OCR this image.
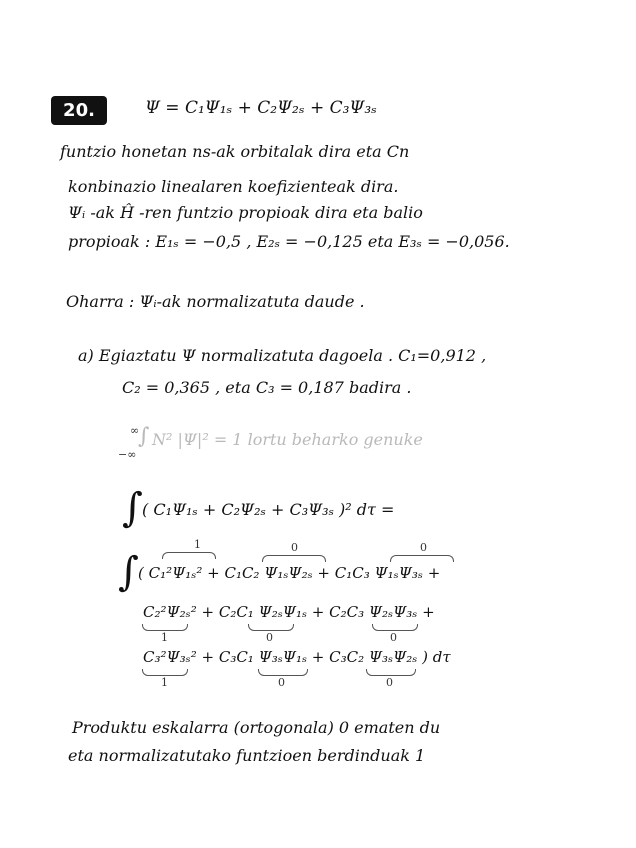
20.	Ψ = C₁Ψ₁ₛ + C₂Ψ₂ₛ + C₃Ψ₃ₛ
funtzio honetan ns-ak orbitalak dira eta Cn
konbinazio linealaren koefizienteak dira.
Ψᵢ -ak Ĥ -ren funtzio propioak dira eta balio
propioak : E₁ₛ = −0,5 , E₂ₛ = −0,125 eta E₃ₛ = −0,056.
Oharra : Ψᵢ-ak normalizatuta daude .
a) Egiaztatu Ψ normalizatuta dagoela . C₁=0,912 ,
C₂ = 0,365 , eta C₃ = 0,187 badira .
∞
−∞
∫ N² |Ψ|² = 1 lortu beharko genuke
∫ ( C₁Ψ₁ₛ + C₂Ψ₂ₛ + C₃Ψ₃ₛ )² dτ =
1	0	0
∫ ( C₁²Ψ₁ₛ² + C₁C₂ Ψ₁ₛΨ₂ₛ + C₁C₃ Ψ₁ₛΨ₃ₛ +
C₂²Ψ₂ₛ² + C₂C₁ Ψ₂ₛΨ₁ₛ + C₂C₃ Ψ₂ₛΨ₃ₛ +
1	0	0
C₃²Ψ₃ₛ² + C₃C₁ Ψ₃ₛΨ₁ₛ + C₃C₂ Ψ₃ₛΨ₂ₛ ) dτ
1	0	0
Produktu eskalarra (ortogonala) 0 ematen du
eta normalizatutako funtzioen berdinduak 1
